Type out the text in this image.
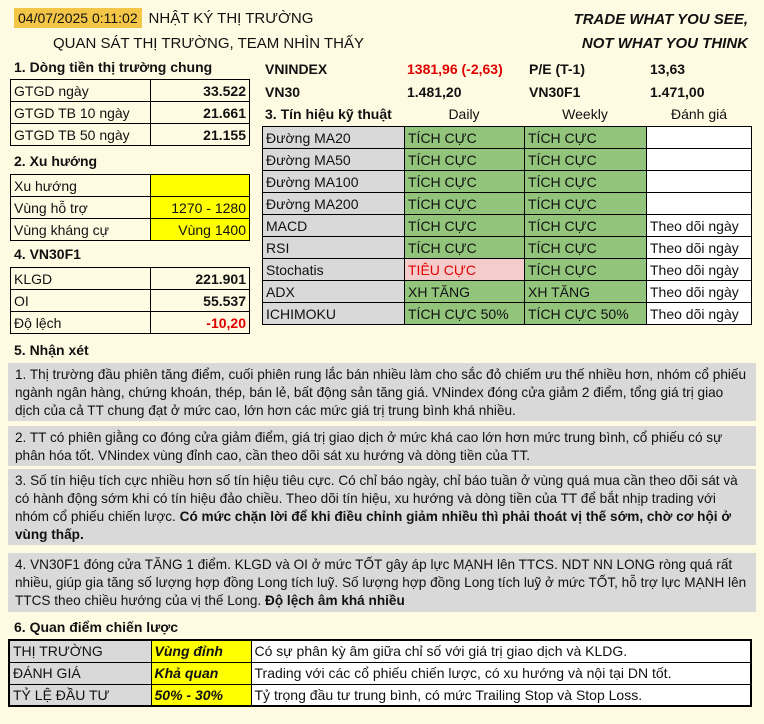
04/07/2025 0:11:02 NHẬT KÝ THỊ TRƯỜNG
QUAN SÁT THỊ TRƯỜNG, TEAM NHÌN THẤY
TRADE WHAT YOU SEE,
NOT WHAT YOU THINK
1. Dòng tiền thị trường chung
GTGD ngày	33.522
GTGD TB 10 ngày	21.661
GTGD TB 50 ngày	21.155
2. Xu hướng
Xu hướng	
Vùng hỗ trợ	1270 - 1280
Vùng kháng cự	Vùng 1400
4. VN30F1
KLGD	221.901
OI	55.537
Độ lệch	-10,20
VNINDEX	1381,96 (-2,63) P/E (T-1)	13,63
VN30	1.481,20	VN30F1	1.471,00
3. Tín hiệu kỹ thuật	Daily	Weekly	Đánh giá
Đường MA20	TÍCH CỰC	TÍCH CỰC	
Đường MA50	TÍCH CỰC	TÍCH CỰC	
Đường MA100	TÍCH CỰC	TÍCH CỰC	
Đường MA200	TÍCH CỰC	TÍCH CỰC	
MACD	TÍCH CỰC	TÍCH CỰC	Theo dõi ngày
RSI	TÍCH CỰC	TÍCH CỰC	Theo dõi ngày
Stochatis	TIÊU CỰC	TÍCH CỰC	Theo dõi ngày
ADX	XH TĂNG	XH TĂNG	Theo dõi ngày
ICHIMOKU	TÍCH CỰC 50%	TÍCH CỰC 50%	Theo dõi ngày
5. Nhận xét
1. Thị trường đầu phiên tăng điểm, cuối phiên rung lắc bán nhiều làm cho sắc đỏ chiếm ưu thế nhiều hơn, nhóm cổ phiếu ngành ngân hàng, chứng khoán, thép, bán lẻ, bất động sản tăng giá. VNindex đóng cửa giảm 2 điểm, tổng giá trị giao dịch của cả TT chung đạt ở mức cao, lớn hơn các mức giá trị trung bình khá nhiều.
2. TT có phiên giằng co đóng cửa giảm điểm, giá trị giao dịch ở mức khá cao lớn hơn mức trung bình, cổ phiếu có sự phân hóa tốt. VNindex vùng đỉnh cao, cần theo dõi sát xu hướng và dòng tiền của TT.
3. Số tín hiệu tích cực nhiều hơn số tín hiệu tiêu cực. Có chỉ báo ngày, chỉ báo tuần ở vùng quá mua cần theo dõi sát và có hành động sớm khi có tín hiệu đảo chiều. Theo dõi tín hiệu, xu hướng và dòng tiền của TT để bắt nhịp trading với nhóm cổ phiếu chiến lược. Có mức chặn lời để khi điều chỉnh giảm nhiều thì phải thoát vị thế sớm, chờ cơ hội ở vùng thấp.
4. VN30F1 đóng cửa TĂNG 1 điểm. KLGD và OI ở mức TỐT gây áp lực MẠNH lên TTCS. NDT NN LONG ròng quá rất nhiều, giúp gia tăng số lượng hợp đồng Long tích luỹ. Số lượng hợp đồng Long tích luỹ ở mức TỐT, hỗ trợ lực MẠNH lên TTCS theo chiều hướng của vị thế Long. Độ lệch âm khá nhiều
6. Quan điểm chiến lược
THỊ TRƯỜNG	Vùng đỉnh	Có sự phân kỳ âm giữa chỉ số với giá trị giao dịch và KLDG.
ĐÁNH GIÁ	Khả quan	Trading với các cổ phiếu chiến lược, có xu hướng và nội tại DN tốt.
TỶ LỆ ĐẦU TƯ	50% - 30%	Tỷ trọng đầu tư trung bình, có mức Trailing Stop và Stop Loss.
